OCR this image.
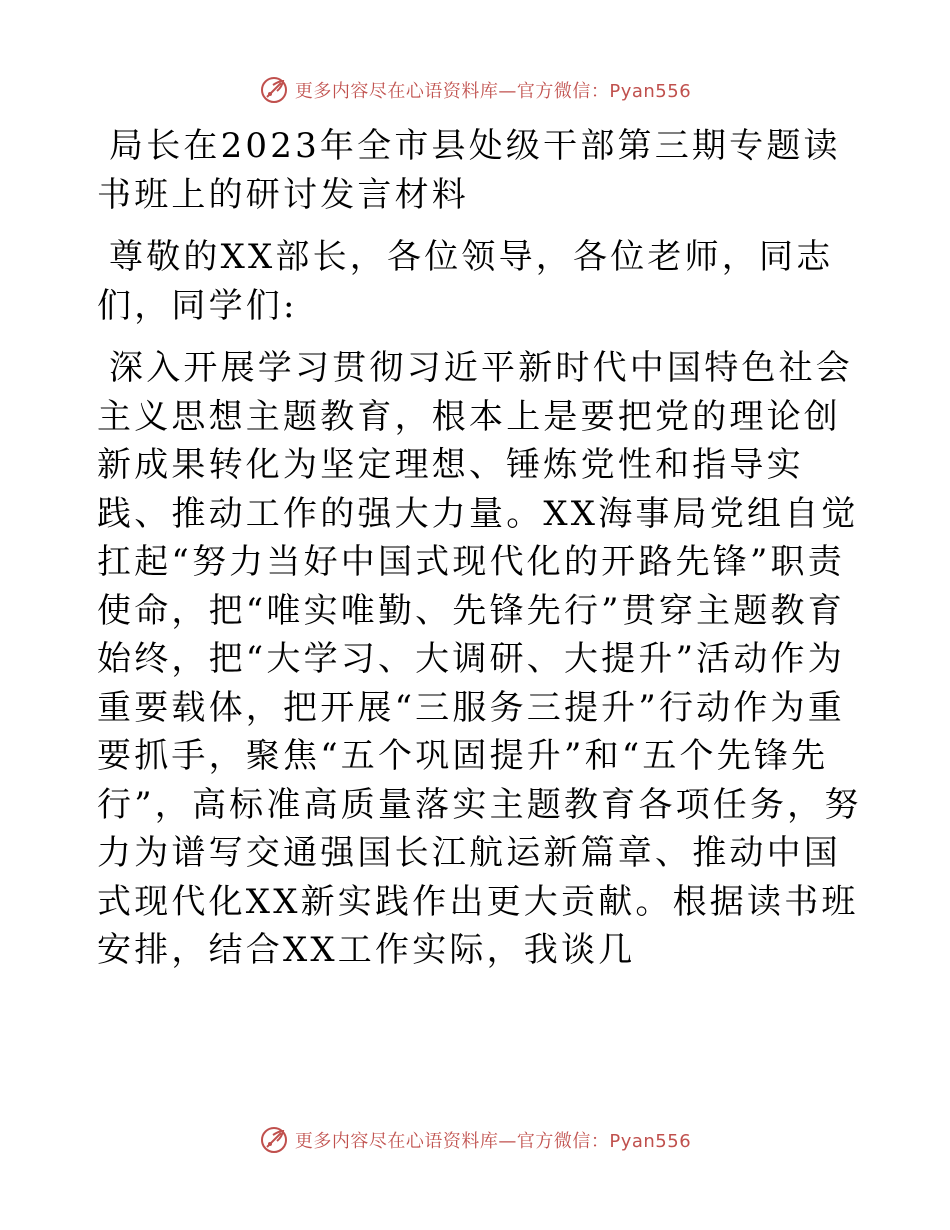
更多内容尽在心语资料库—官方微信：Pyan556

局长在2023年全市县处级干部第三期专题读书班上的研讨发言材料

尊敬的XX部长，各位领导，各位老师，同志们，同学们:

深入开展学习贯彻习近平新时代中国特色社会主义思想主题教育，根本上是要把党的理论创新成果转化为坚定理想、锤炼党性和指导实践、推动工作的强大力量。XX海事局党组自觉扛起“努力当好中国式现代化的开路先锋”职责使命，把“唯实唯勤、先锋先行”贯穿主题教育始终，把“大学习、大调研、大提升”活动作为重要载体，把开展“三服务三提升”行动作为重要抓手，聚焦“五个巩固提升”和“五个先锋先行”，高标准高质量落实主题教育各项任务，努力为谱写交通强国长江航运新篇章、推动中国式现代化XX新实践作出更大贡献。根据读书班安排，结合XX工作实际，我谈几

更多内容尽在心语资料库—官方微信：Pyan556
